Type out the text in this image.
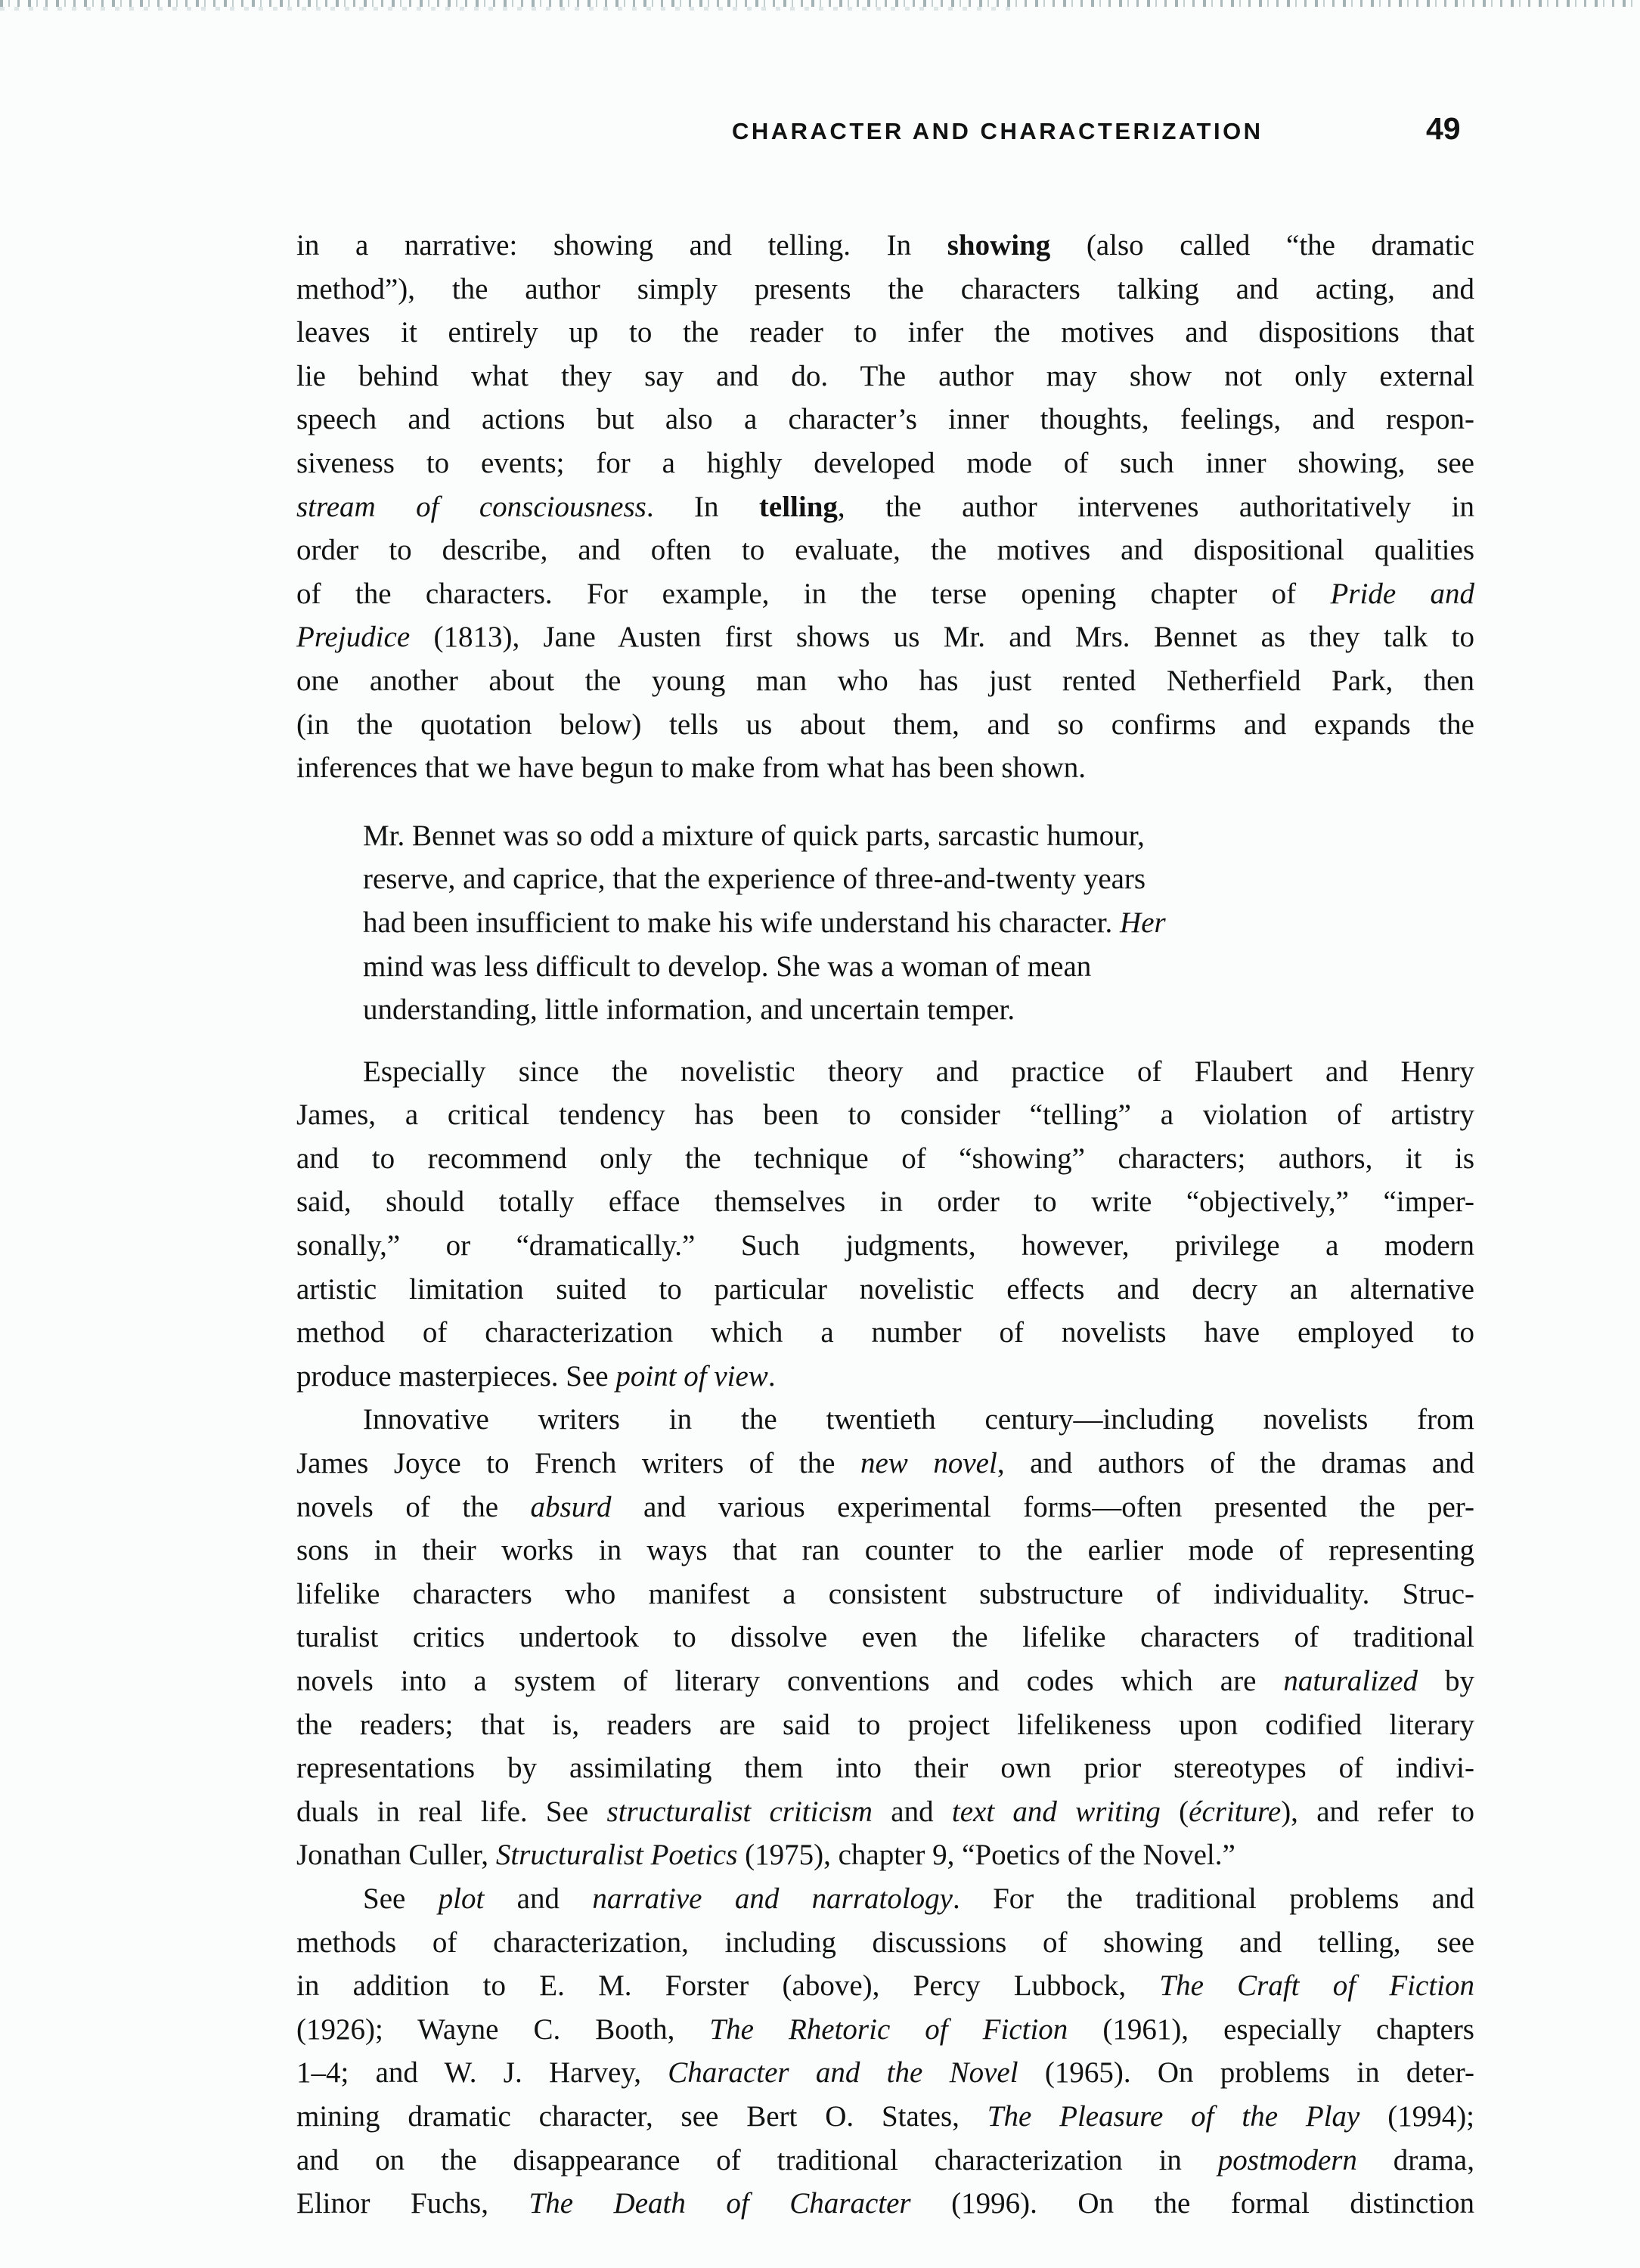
CHARACTER AND CHARACTERIZATION	49
in a narrative: showing and telling. In showing (also called “the dramatic
method”), the author simply presents the characters talking and acting, and
leaves it entirely up to the reader to infer the motives and dispositions that
lie behind what they say and do. The author may show not only external
speech and actions but also a character’s inner thoughts, feelings, and respon-
siveness to events; for a highly developed mode of such inner showing, see
stream of consciousness. In telling, the author intervenes authoritatively in
order to describe, and often to evaluate, the motives and dispositional qualities
of the characters. For example, in the terse opening chapter of Pride and
Prejudice (1813), Jane Austen first shows us Mr. and Mrs. Bennet as they talk to
one another about the young man who has just rented Netherfield Park, then
(in the quotation below) tells us about them, and so confirms and expands the
inferences that we have begun to make from what has been shown.
Mr. Bennet was so odd a mixture of quick parts, sarcastic humour,
reserve, and caprice, that the experience of three-and-twenty years
had been insufficient to make his wife understand his character. Her
mind was less difficult to develop. She was a woman of mean
understanding, little information, and uncertain temper.
Especially since the novelistic theory and practice of Flaubert and Henry
James, a critical tendency has been to consider “telling” a violation of artistry
and to recommend only the technique of “showing” characters; authors, it is
said, should totally efface themselves in order to write “objectively,” “imper-
sonally,” or “dramatically.” Such judgments, however, privilege a modern
artistic limitation suited to particular novelistic effects and decry an alternative
method of characterization which a number of novelists have employed to
produce masterpieces. See point of view.
Innovative writers in the twentieth century—including novelists from
James Joyce to French writers of the new novel, and authors of the dramas and
novels of the absurd and various experimental forms—often presented the per-
sons in their works in ways that ran counter to the earlier mode of representing
lifelike characters who manifest a consistent substructure of individuality. Struc-
turalist critics undertook to dissolve even the lifelike characters of traditional
novels into a system of literary conventions and codes which are naturalized by
the readers; that is, readers are said to project lifelikeness upon codified literary
representations by assimilating them into their own prior stereotypes of indivi-
duals in real life. See structuralist criticism and text and writing (écriture), and refer to
Jonathan Culler, Structuralist Poetics (1975), chapter 9, “Poetics of the Novel.”
See plot and narrative and narratology. For the traditional problems and
methods of characterization, including discussions of showing and telling, see
in addition to E. M. Forster (above), Percy Lubbock, The Craft of Fiction
(1926); Wayne C. Booth, The Rhetoric of Fiction (1961), especially chapters
1–4; and W. J. Harvey, Character and the Novel (1965). On problems in deter-
mining dramatic character, see Bert O. States, The Pleasure of the Play (1994);
and on the disappearance of traditional characterization in postmodern drama,
Elinor Fuchs, The Death of Character (1996). On the formal distinction
